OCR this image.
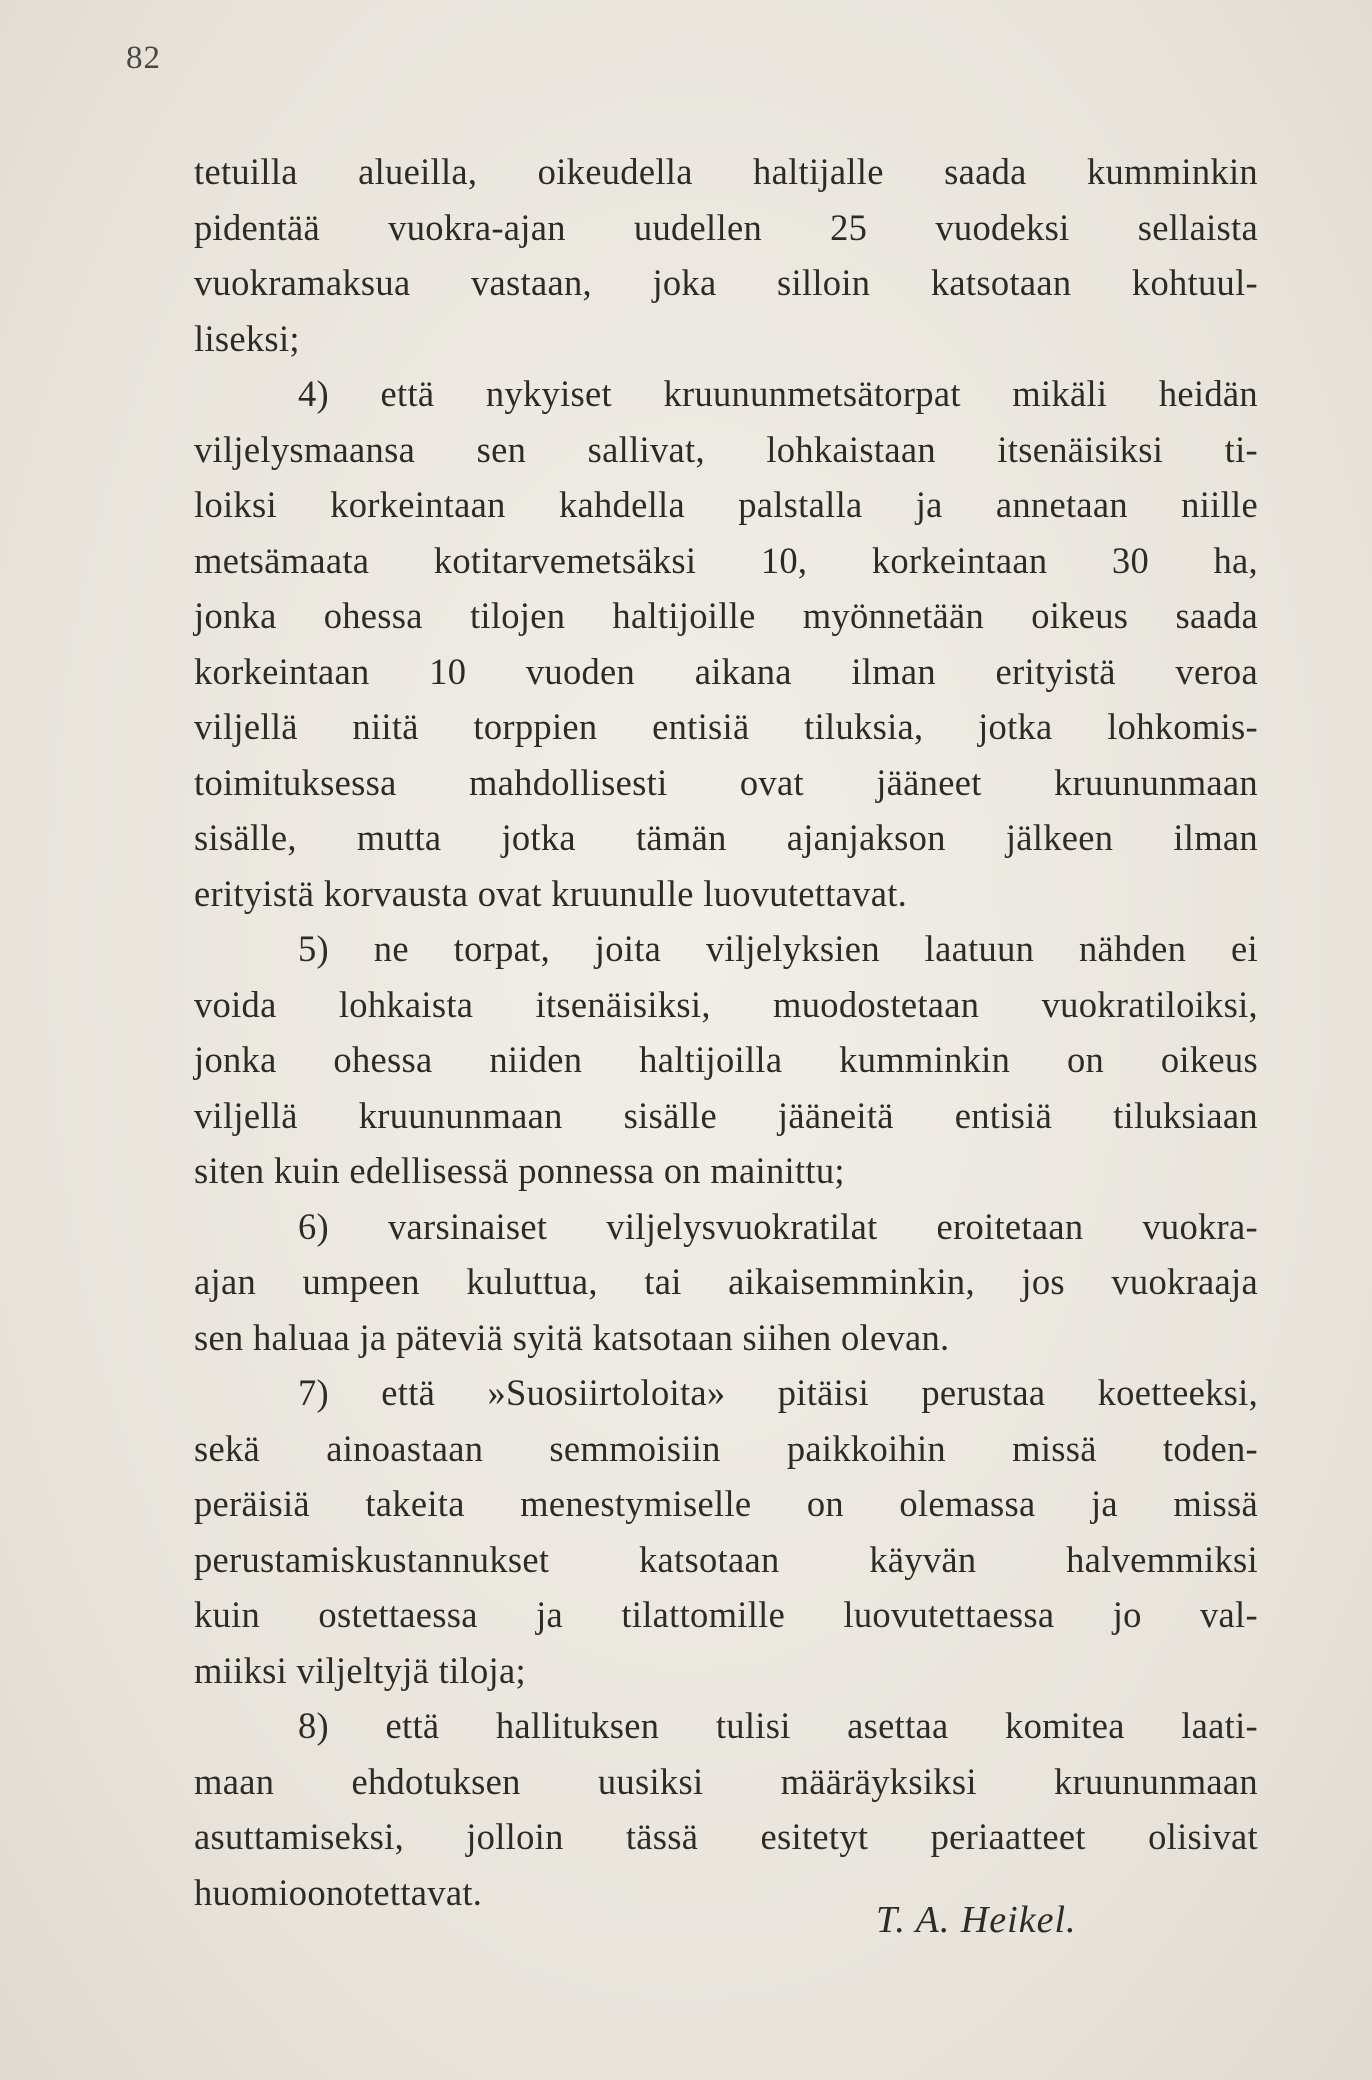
82
tetuilla alueilla, oikeudella haltijalle saada kumminkin
pidentää vuokra-ajan uudellen 25 vuodeksi sellaista
vuokramaksua vastaan, joka silloin katsotaan kohtuul-
liseksi;
4) että nykyiset kruununmetsätorpat mikäli heidän
viljelysmaansa sen sallivat, lohkaistaan itsenäisiksi ti-
loiksi korkeintaan kahdella palstalla ja annetaan niille
metsämaata kotitarvemetsäksi 10, korkeintaan 30 ha,
jonka ohessa tilojen haltijoille myönnetään oikeus saada
korkeintaan 10 vuoden aikana ilman erityistä veroa
viljellä niitä torppien entisiä tiluksia, jotka lohkomis-
toimituksessa mahdollisesti ovat jääneet kruununmaan
sisälle, mutta jotka tämän ajanjakson jälkeen ilman
erityistä korvausta ovat kruunulle luovutettavat.
5) ne torpat, joita viljelyksien laatuun nähden ei
voida lohkaista itsenäisiksi, muodostetaan vuokratiloiksi,
jonka ohessa niiden haltijoilla kumminkin on oikeus
viljellä kruununmaan sisälle jääneitä entisiä tiluksiaan
siten kuin edellisessä ponnessa on mainittu;
6) varsinaiset viljelysvuokratilat eroitetaan vuokra-
ajan umpeen kuluttua, tai aikaisemminkin, jos vuokraaja
sen haluaa ja päteviä syitä katsotaan siihen olevan.
7) että »Suosiirtoloita» pitäisi perustaa koetteeksi,
sekä ainoastaan semmoisiin paikkoihin missä toden-
peräisiä takeita menestymiselle on olemassa ja missä
perustamiskustannukset katsotaan käyvän halvemmiksi
kuin ostettaessa ja tilattomille luovutettaessa jo val-
miiksi viljeltyjä tiloja;
8) että hallituksen tulisi asettaa komitea laati-
maan ehdotuksen uusiksi määräyksiksi kruununmaan
asuttamiseksi, jolloin tässä esitetyt periaatteet olisivat
huomioonotettavat.
T. A. Heikel.
